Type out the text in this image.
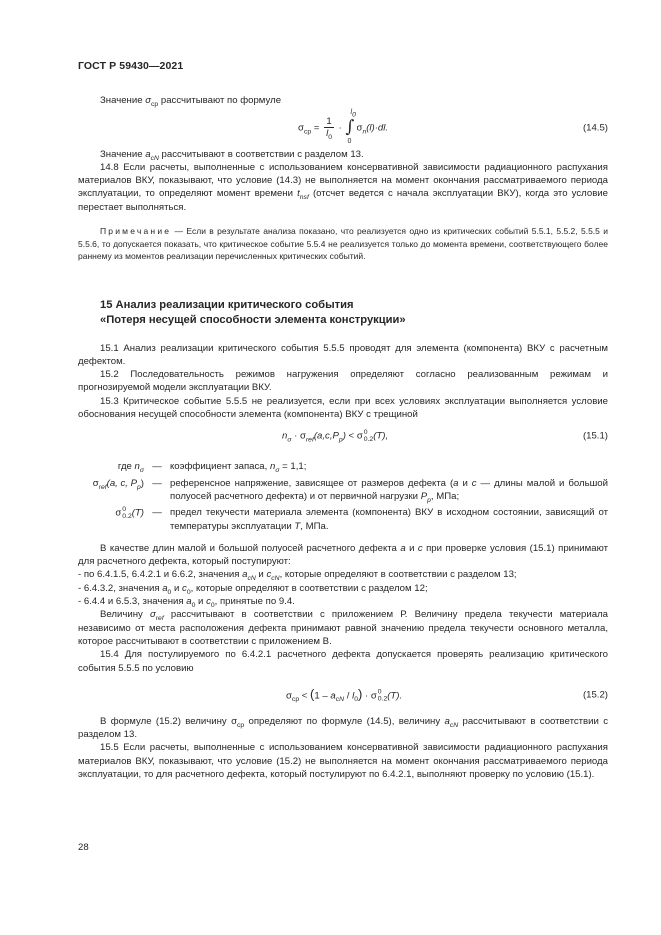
ГОСТ Р 59430—2021

Значение $\sigma_{ср}$ рассчитывают по формуле

$\sigma_{ср} = \frac{1}{l_0}$ · ∫
$l_0$
0
$\sigma_n(l)\cdot dl$.	(14.5)

Значение $a_{cN}$ рассчитывают в соответствии с разделом 13.

14.8 Если расчеты, выполненные с использованием консервативной зависимости радиационного распухания материалов ВКУ, показывают, что условие (14.3) не выполняется на момент окончания рассматриваемого периода эксплуатации, то определяют момент времени $t_{nsf}$ (отсчет ведется с начала эксплуатации ВКУ), когда это условие перестает выполняться.

Примечание — Если в результате анализа показано, что реализуется одно из критических событий 5.5.1, 5.5.2, 5.5.5 и 5.5.6, то допускается показать, что критическое событие 5.5.4 не реализуется только до момента времени, соответствующего более раннему из моментов реализации перечисленных критических событий.

15 Анализ реализации критического события
«Потеря несущей способности элемента конструкции»

15.1 Анализ реализации критического события 5.5.5 проводят для элемента (компонента) ВКУ с расчетным дефектом.

15.2 Последовательность режимов нагружения определяют согласно реализованным режимам и прогнозируемой модели эксплуатации ВКУ.

15.3 Критическое событие 5.5.5 не реализуется, если при всех условиях эксплуатации выполняется условие обоснования несущей способности элемента (компонента) ВКУ с трещиной

$n_\sigma \cdot \sigma_{ref}(a,c,P_p) < \sigma$ 0
0.2 (T),	(15.1)
где $n_\sigma$	—	коэффициент запаса, $n_\sigma = 1,1$;
$\sigma_{ref}(a$, c, $P_p$)	—	референсное напряжение, зависящее от размеров дефекта (a и c — длины малой и большой полуосей расчетного дефекта) и от первичной нагрузки $P_p$, МПа;
σ 0
0.2 (T)	—	предел текучести материала элемента (компонента) ВКУ в исходном состоянии, зависящий от температуры эксплуатации T, МПа.

В качестве длин малой и большой полуосей расчетного дефекта a и c при проверке условия (15.1) принимают для расчетного дефекта, который поступируют:

- по 6.4.1.5, 6.4.2.1 и 6.6.2, значения $a_{cN}$ и $c_{cN}$, которые определяют в соответствии с разделом 13;

- 6.4.3.2, значения $a_0$ и $c_0$, которые определяют в соответствии с разделом 12;

- 6.4.4 и 6.5.3, значения $a_0$ и $c_0$, принятые по 9.4.

Величину $\sigma_{ref}$ рассчитывают в соответствии с приложением Р. Величину предела текучести материала независимо от места расположения дефекта принимают равной значению предела текучести основного металла, которое рассчитывают в соответствии с приложением В.

15.4 Для постулируемого по 6.4.2.1 расчетного дефекта допускается проверять реализацию критического события 5.5.5 по условию

$\sigma_{ср} < (1 - a_{cN} / l_0) \cdot \sigma$ 0
0.2 (T).	(15.2)

В формуле (15.2) величину $\sigma_{ср}$ определяют по формуле (14.5), величину $a_{cN}$ рассчитывают в соответствии с разделом 13.

15.5 Если расчеты, выполненные с использованием консервативной зависимости радиационного распухания материалов ВКУ, показывают, что условие (15.2) не выполняется на момент окончания рассматриваемого периода эксплуатации, то для расчетного дефекта, который постулируют по 6.4.2.1, выполняют проверку по условию (15.1).

28
